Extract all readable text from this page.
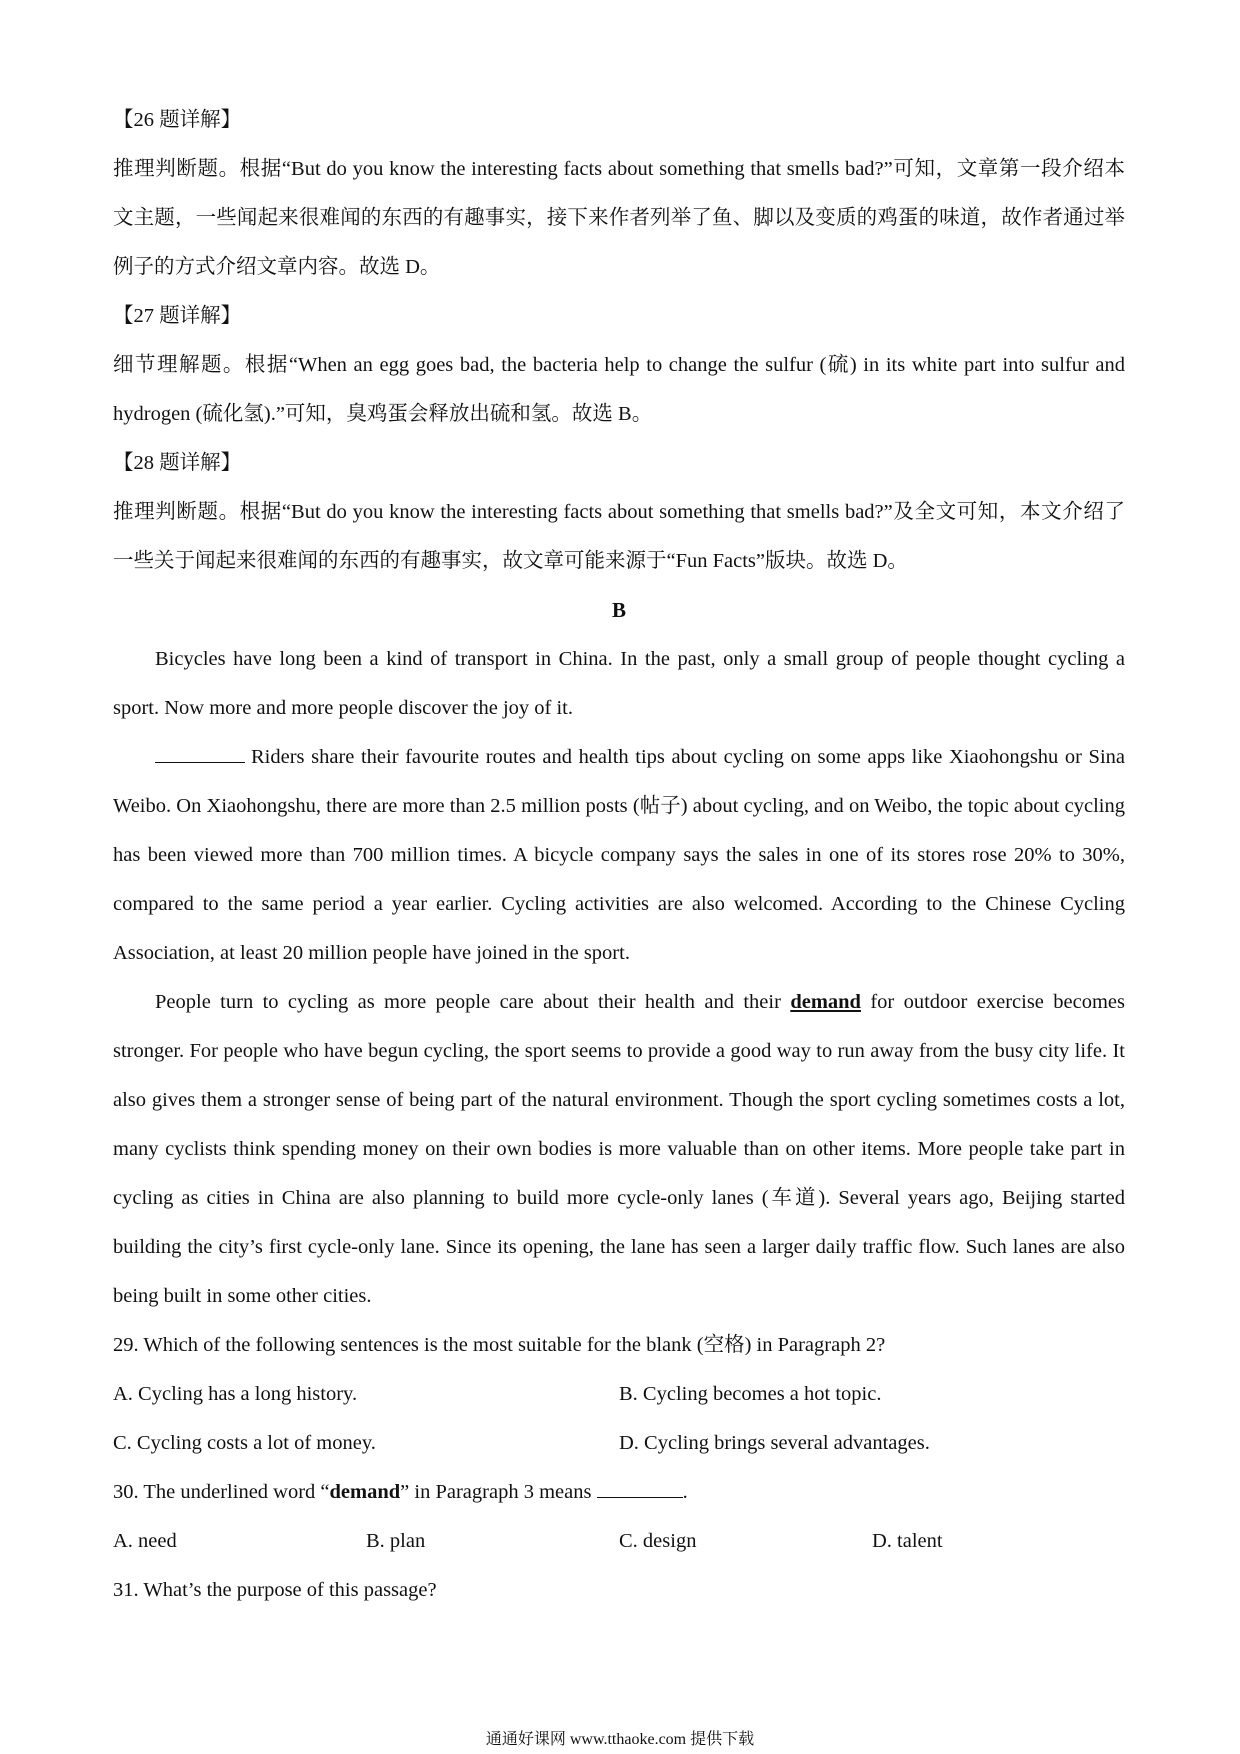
【26 题详解】

推理判断题。根据“But do you know the interesting facts about something that smells bad?”可知，文章第一段介绍本文主题，一些闻起来很难闻的东西的有趣事实，接下来作者列举了鱼、脚以及变质的鸡蛋的味道，故作者通过举例子的方式介绍文章内容。故选 D。

【27 题详解】

细节理解题。根据“When an egg goes bad, the bacteria help to change the sulfur (硫) in its white part into sulfur and hydrogen (硫化氢).”可知，臭鸡蛋会释放出硫和氢。故选 B。

【28 题详解】

推理判断题。根据“But do you know the interesting facts about something that smells bad?”及全文可知，本文介绍了一些关于闻起来很难闻的东西的有趣事实，故文章可能来源于“Fun Facts”版块。故选 D。

B

Bicycles have long been a kind of transport in China. In the past, only a small group of people thought cycling a sport. Now more and more people discover the joy of it.

Riders share their favourite routes and health tips about cycling on some apps like Xiaohongshu or Sina Weibo. On Xiaohongshu, there are more than 2.5 million posts (帖子) about cycling, and on Weibo, the topic about cycling has been viewed more than 700 million times. A bicycle company says the sales in one of its stores rose 20% to 30%, compared to the same period a year earlier. Cycling activities are also welcomed. According to the Chinese Cycling Association, at least 20 million people have joined in the sport.

People turn to cycling as more people care about their health and their demand for outdoor exercise becomes stronger. For people who have begun cycling, the sport seems to provide a good way to run away from the busy city life. It also gives them a stronger sense of being part of the natural environment. Though the sport cycling sometimes costs a lot, many cyclists think spending money on their own bodies is more valuable than on other items. More people take part in cycling as cities in China are also planning to build more cycle-only lanes (车道). Several years ago, Beijing started building the city’s first cycle-only lane. Since its opening, the lane has seen a larger daily traffic flow. Such lanes are also being built in some other cities.

29. Which of the following sentences is the most suitable for the blank (空格) in Paragraph 2?

A. Cycling has a long history.	B. Cycling becomes a hot topic.
C. Cycling costs a lot of money.	D. Cycling brings several advantages.

30. The underlined word “demand” in Paragraph 3 means	.

A. need	B. plan	C. design	D. talent

31. What’s the purpose of this passage?

通通好课网 www.tthaoke.com 提供下载
